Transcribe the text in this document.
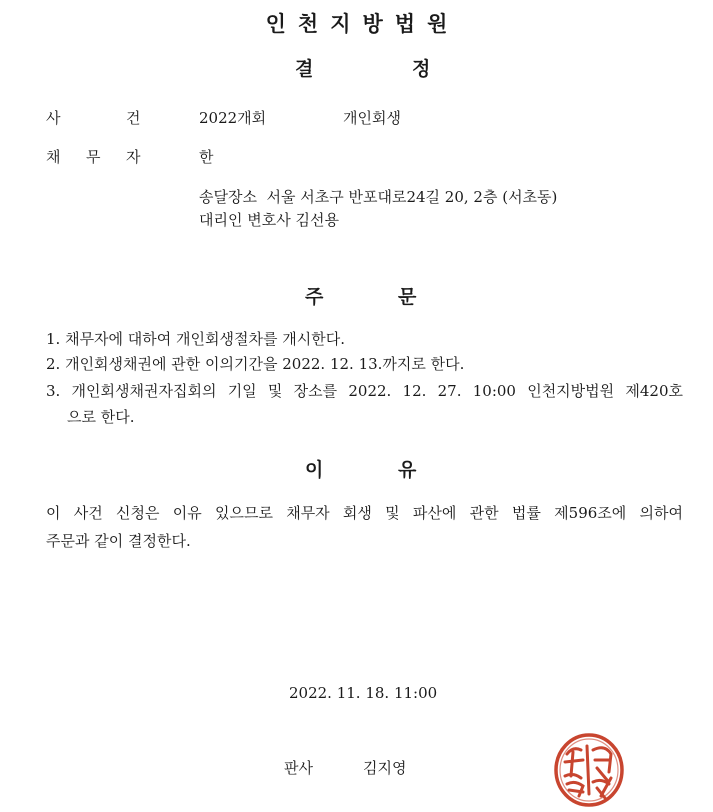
인천지방법원
결	정
사	건	2022개회	개인회생
채 무 자	한
송달장소  서울 서초구 반포대로24길 20, 2층 (서초동)
대리인 변호사 김선용
주	문
1. 채무자에 대하여 개인회생절차를 개시한다.
2. 개인회생채권에 관한 이의기간을 2022. 12. 13.까지로 한다.
3. 개인회생채권자집회의 기일 및 장소를 2022. 12. 27. 10:00 인천지방법원 제420호
으로 한다.
이	유
이 사건 신청은 이유 있으므로 채무자 회생 및 파산에 관한 법률 제596조에 의하여
주문과 같이 결정한다.
2022. 11. 18. 11:00
판사	김지영
